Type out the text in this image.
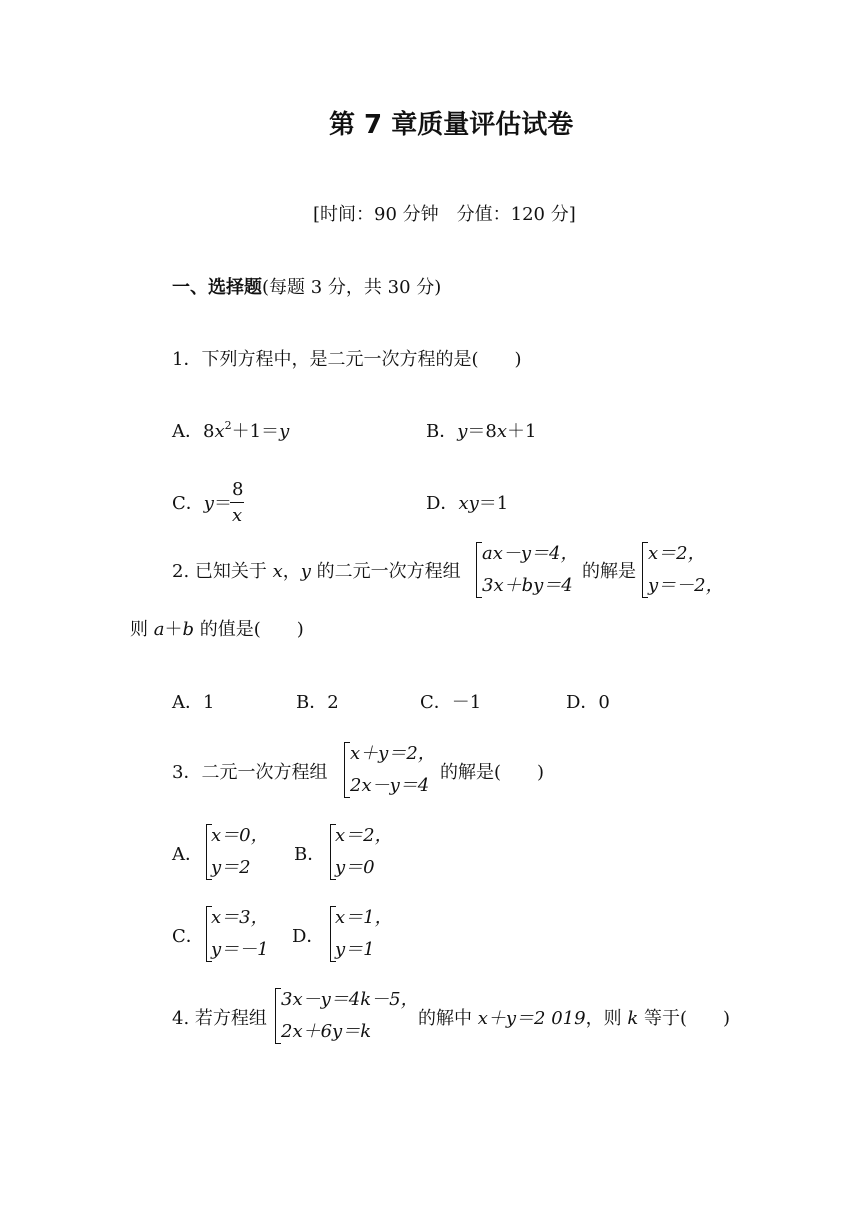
第 7 章质量评估试卷
[时间：90 分钟　分值：120 分]
一、选择题(每题 3 分，共 30 分)
1．下列方程中，是二元一次方程的是(　　)
A．$8x^2+1=y$	B．y＝8x＋1
C．y＝
8
x
D．xy＝1
2. 已知关于 x，y 的二元一次方程组
ax－y＝4，
3x＋by＝4
的解是
x＝2，
y＝－2，
则 a＋b 的值是(　　)
A．1	B．2	C．－1	D．0
3．二元一次方程组
x＋y＝2，
2x－y＝4
的解是(　　)
A．
x＝0，
y＝2
B．
x＝2，
y＝0
C．
x＝3，
y＝－1
D．
x＝1，
y＝1
4. 若方程组
3x－y＝4k－5，
2x＋6y＝k
的解中 x＋y＝2 019，则 k 等于(　　)
